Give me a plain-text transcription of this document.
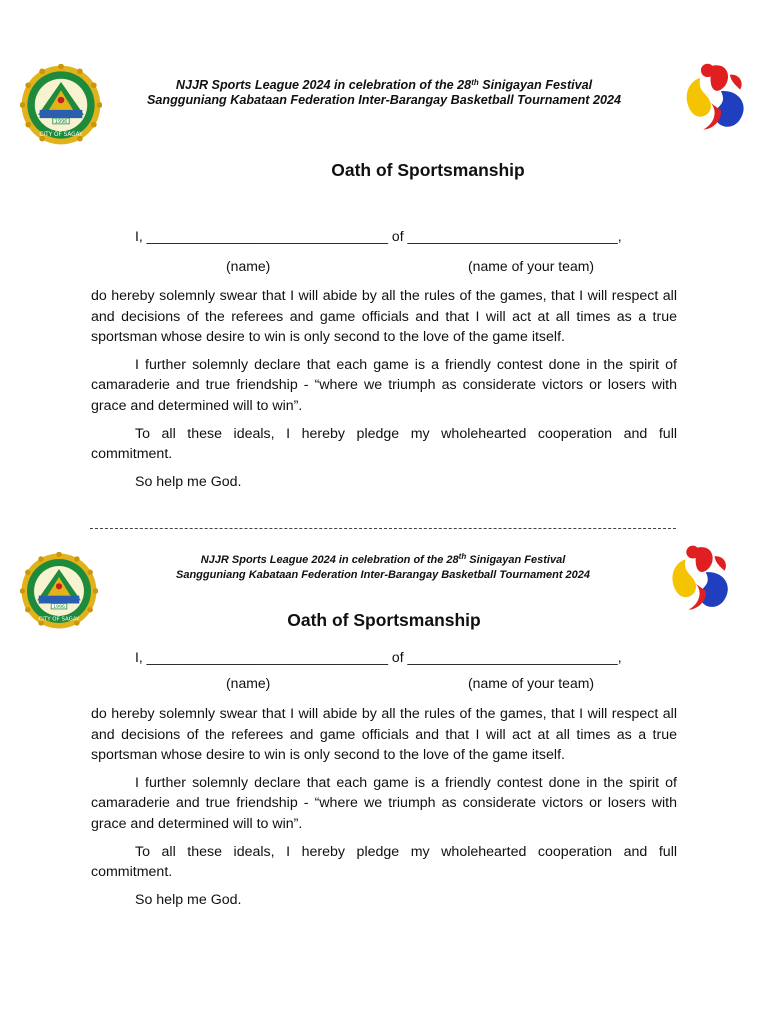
1996
CITY OF SAGAY
NJJR Sports League 2024 in celebration of the 28th Sinigayan Festival
Sangguniang Kabataan Federation Inter-Barangay Basketball Tournament 2024
Oath of Sportsmanship
I, _______________________________ of ___________________________,
(name)	(name of your team)

do hereby solemnly swear that I will abide by all the rules of the games, that I will respect all and decisions of the referees and game officials and that I will act at all times as a true sportsman whose desire to win is only second to the love of the game itself.

I further solemnly declare that each game is a friendly contest done in the spirit of camaraderie and true friendship - “where we triumph as considerate victors or losers with grace and determined will to win”.

To all these ideals, I hereby pledge my wholehearted cooperation and full commitment.

So help me God.

1996
CITY OF SAGAY
NJJR Sports League 2024 in celebration of the 28th Sinigayan Festival
Sangguniang Kabataan Federation Inter-Barangay Basketball Tournament 2024
Oath of Sportsmanship
I, _______________________________ of ___________________________,
(name)	(name of your team)

do hereby solemnly swear that I will abide by all the rules of the games, that I will respect all and decisions of the referees and game officials and that I will act at all times as a true sportsman whose desire to win is only second to the love of the game itself.

I further solemnly declare that each game is a friendly contest done in the spirit of camaraderie and true friendship - “where we triumph as considerate victors or losers with grace and determined will to win”.

To all these ideals, I hereby pledge my wholehearted cooperation and full commitment.

So help me God.
